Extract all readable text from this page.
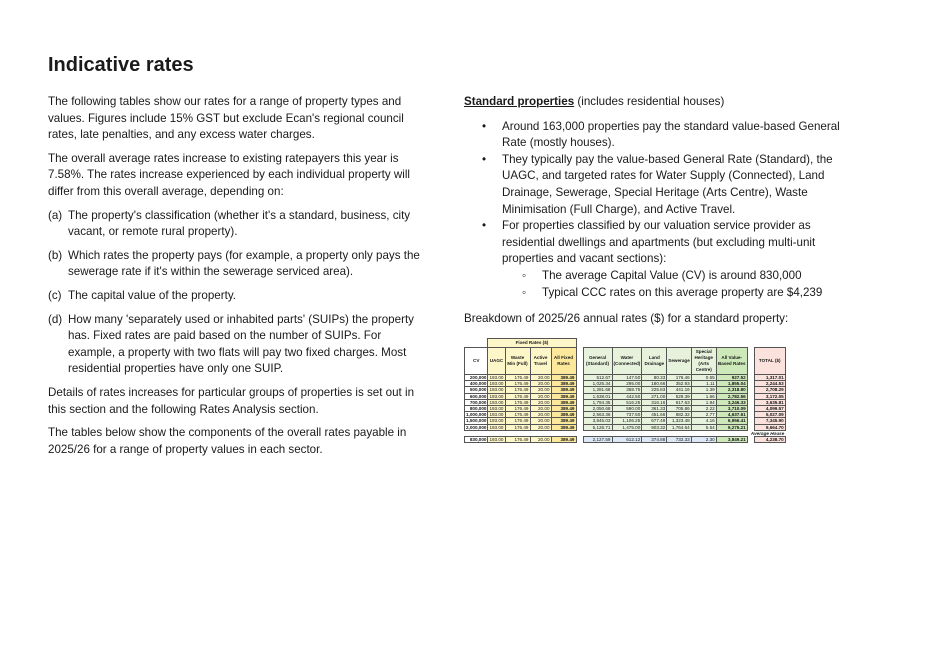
Indicative rates

The following tables show our rates for a range of property types and values. Figures include 15% GST but exclude Ecan's regional council rates, late penalties, and any excess water charges.

The overall average rates increase to existing ratepayers this year is 7.58%. The rates increase experienced by each individual property will differ from this overall average, depending on:

(a) The property's classification (whether it's a standard, business, city vacant, or remote rural property).
(b) Which rates the property pays (for example, a property only pays the sewerage rate if it's within the sewerage serviced area).
(c) The capital value of the property.
(d) How many 'separately used or inhabited parts' (SUIPs) the property has. Fixed rates are paid based on the number of SUIPs. For example, a property with two flats will pay two fixed charges. Most residential properties have only one SUIP.

Details of rates increases for particular groups of properties is set out in this section and the following Rates Analysis section.

The tables below show the components of the overall rates payable in 2025/26 for a range of property values in each sector.

Standard properties (includes residential houses)

• Around 163,000 properties pay the standard value-based General Rate (mostly houses).
• They typically pay the value-based General Rate (Standard), the UAGC, and targeted rates for Water Supply (Connected), Land Drainage, Sewerage, Special Heritage (Arts Centre), Waste Minimisation (Full Charge), and Active Travel.
• For properties classified by our valuation service provider as residential dwellings and apartments (but excluding multi-unit properties and vacant sections):
◦ The average Capital Value (CV) is around 830,000
◦ Typical CCC rates on this average property are $4,239
Breakdown of 2025/26 annual rates ($) for a standard property:
	Fixed Rates ($)												
CV	UAGC	Waste Min (Full)	Active Travel	All Fixed Rates		General (Standard)	Water (Connected)	Land Drainage	Sewerage	Special Heritage (Arts Centre)	All Value-Based Rates		TOTAL ($)
200,000	193.00	176.49	20.00	389.49		512.67	147.50	80.33	176.46	0.55	927.52		1,317.01
400,000	193.00	176.49	20.00	389.49		1,025.34	295.00	180.66	352.93	1.11	1,855.04		2,244.53
500,000	193.00	176.49	20.00	389.49		1,281.68	368.75	225.83	441.16	1.39	2,318.80		2,708.29
600,000	193.00	176.49	20.00	389.49		1,538.01	442.50	271.00	529.39	1.66	2,782.56		3,172.05
700,000	193.00	176.49	20.00	389.49		1,794.35	516.25	316.16	617.63	1.94	3,246.33		3,635.81
800,000	193.00	176.49	20.00	389.49		2,050.68	590.00	361.33	705.86	2.22	3,710.09		4,099.57
1,000,000	193.00	176.49	20.00	389.49		2,563.36	737.50	451.66	882.32	2.77	4,637.61		5,027.09
1,500,000	193.00	176.49	20.00	389.49		3,845.03	1,106.25	677.49	1,323.48	4.16	6,956.41		7,345.90
2,000,000	193.00	176.49	20.00	389.49		5,126.71	1,475.00	903.32	1,764.64	5.54	9,275.21		9,664.70
Average House													
830,000	193.00	176.49	20.00	389.49		2,127.59	612.12	374.88	732.33	2.30	3,849.21		4,238.70
